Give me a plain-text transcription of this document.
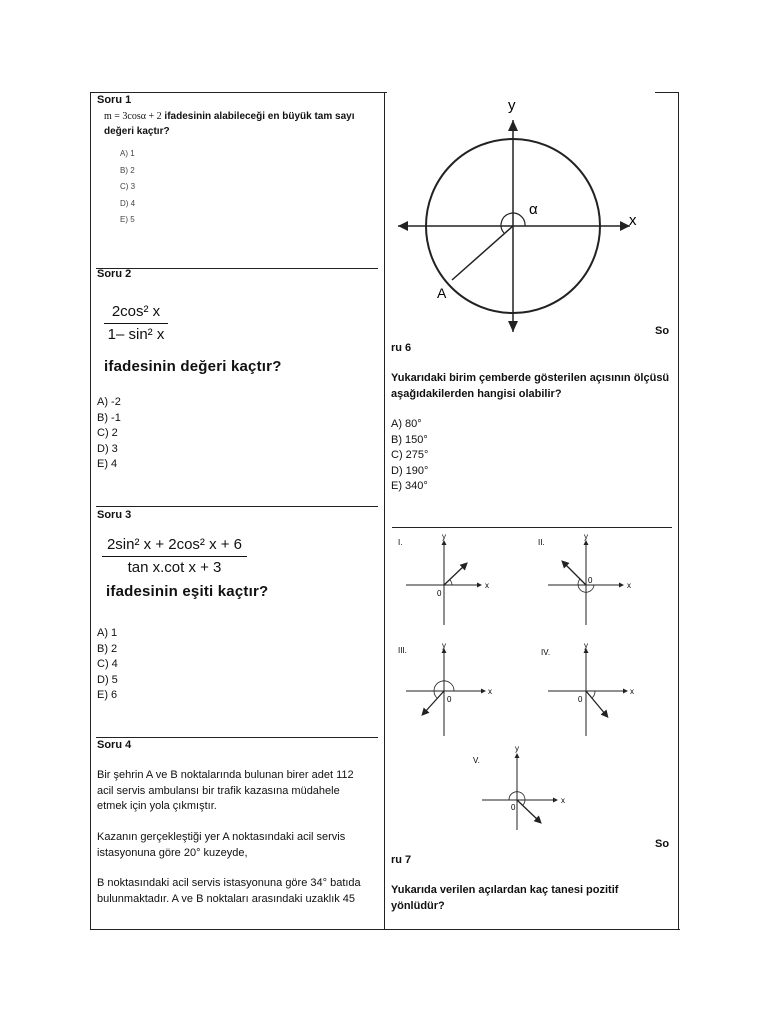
Soru 1
m = 3cosα + 2 ifadesinin alabileceği en büyük tam sayı
değeri kaçtır?
A) 1
B) 2
C) 3
D) 4
E) 5
Soru 2
2cos² x
1– sin² x
ifadesinin değeri kaçtır?
A) -2
B) -1
C) 2
D) 3
E) 4
Soru 3
2sin² x + 2cos² x + 6
tan x.cot x + 3
ifadesinin eşiti kaçtır?
A) 1
B) 2
C) 4
D) 5
E) 6
Soru 4
Bir şehrin A ve B noktalarında bulunan birer adet 112
acil servis ambulansı bir trafik kazasına müdahele
etmek için yola çıkmıştır.
Kazanın gerçekleştiği yer A noktasındaki acil servis
istasyonuna göre 20° kuzeyde,
B noktasındaki acil servis istasyonuna göre 34° batıda
bulunmaktadır. A ve B noktaları arasındaki uzaklık 45
y
x
α
A
So
ru 6
Yukarıdaki birim çemberde gösterilen açısının ölçüsü
aşağıdakilerden hangisi olabilir?
A) 80°
B) 150°
C) 275°
D) 190°
E) 340°
I.
y
x
0
II.
y
x
0
III.
y
x
0
IV.
y
x
0
V.
y
x
0
So
ru 7
Yukarıda verilen açılardan kaç tanesi pozitif
yönlüdür?
